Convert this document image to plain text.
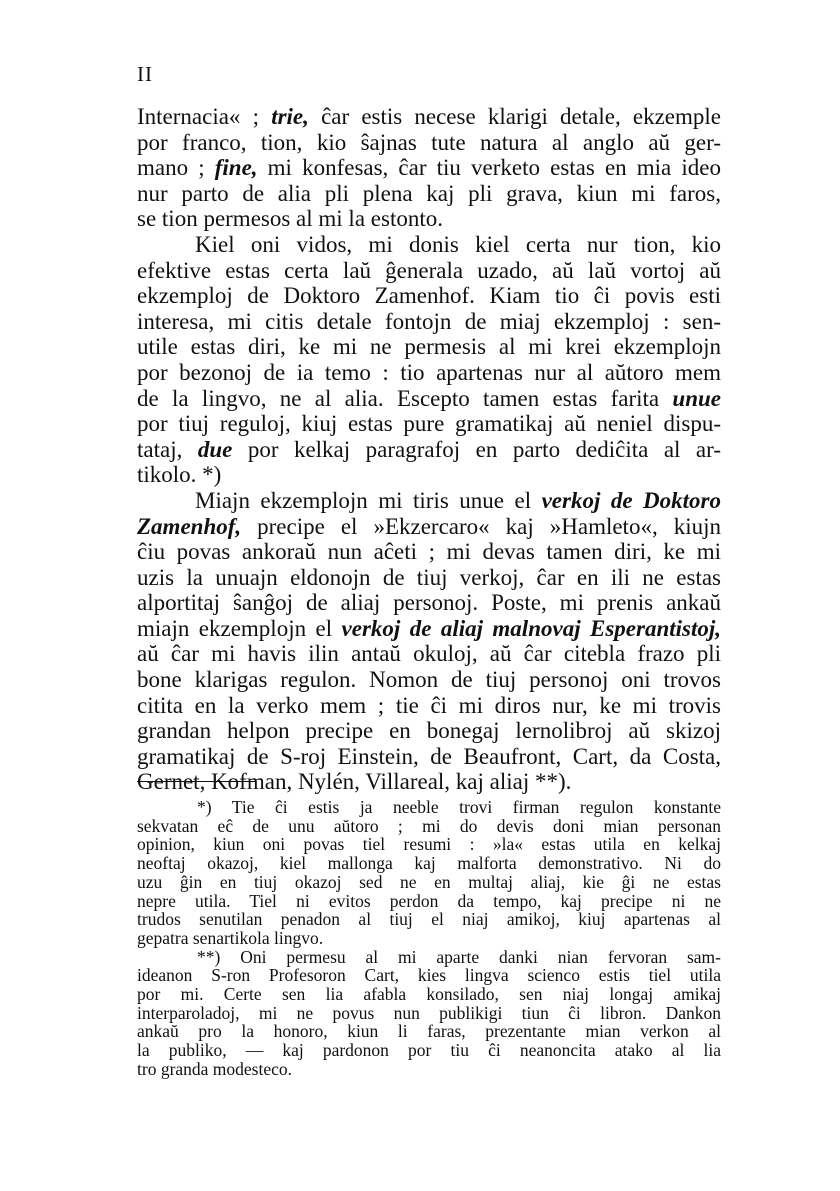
II
Internacia« ; trie, ĉar estis necese klarigi detale, ekzemple
por franco, tion, kio ŝajnas tute natura al anglo aŭ ger-
mano ; fine, mi konfesas, ĉar tiu verketo estas en mia ideo
nur parto de alia pli plena kaj pli grava, kiun mi faros,
se tion permesos al mi la estonto.
Kiel oni vidos, mi donis kiel certa nur tion, kio
efektive estas certa laŭ ĝenerala uzado, aŭ laŭ vortoj aŭ
ekzemploj de Doktoro Zamenhof. Kiam tio ĉi povis esti
interesa, mi citis detale fontojn de miaj ekzemploj : sen-
utile estas diri, ke mi ne permesis al mi krei ekzemplojn
por bezonoj de ia temo : tio apartenas nur al aŭtoro mem
de la lingvo, ne al alia. Escepto tamen estas farita unue
por tiuj reguloj, kiuj estas pure gramatikaj aŭ neniel dispu-
tataj, due por kelkaj paragrafoj en parto dediĉita al ar-
tikolo. *)
Miajn ekzemplojn mi tiris unue el verkoj de Doktoro
Zamenhof, precipe el »Ekzercaro« kaj »Hamleto«, kiujn
ĉiu povas ankoraŭ nun aĉeti ; mi devas tamen diri, ke mi
uzis la unuajn eldonojn de tiuj verkoj, ĉar en ili ne estas
alportitaj ŝanĝoj de aliaj personoj. Poste, mi prenis ankaŭ
miajn ekzemplojn el verkoj de aliaj malnovaj Esperantistoj,
aŭ ĉar mi havis ilin antaŭ okuloj, aŭ ĉar citebla frazo pli
bone klarigas regulon. Nomon de tiuj personoj oni trovos
citita en la verko mem ; tie ĉi mi diros nur, ke mi trovis
grandan helpon precipe en bonegaj lernolibroj aŭ skizoj
gramatikaj de S-roj Einstein, de Beaufront, Cart, da Costa,
Gernet, Kofman, Nylén, Villareal, kaj aliaj **).
*) Tie ĉi estis ja neeble trovi firman regulon konstante
sekvatan eĉ de unu aŭtoro ; mi do devis doni mian personan
opinion, kiun oni povas tiel resumi : »la« estas utila en kelkaj
neoftaj okazoj, kiel mallonga kaj malforta demonstrativo. Ni do
uzu ĝin en tiuj okazoj sed ne en multaj aliaj, kie ĝi ne estas
nepre utila. Tiel ni evitos perdon da tempo, kaj precipe ni ne
trudos senutilan penadon al tiuj el niaj amikoj, kiuj apartenas al
gepatra senartikola lingvo.
**) Oni permesu al mi aparte danki nian fervoran sam-
ideanon S-ron Profesoron Cart, kies lingva scienco estis tiel utila
por mi. Certe sen lia afabla konsilado, sen niaj longaj amikaj
interparoladoj, mi ne povus nun publikigi tiun ĉi libron. Dankon
ankaŭ pro la honoro, kiun li faras, prezentante mian verkon al
la publiko, — kaj pardonon por tiu ĉi neanoncita atako al lia
tro granda modesteco.
